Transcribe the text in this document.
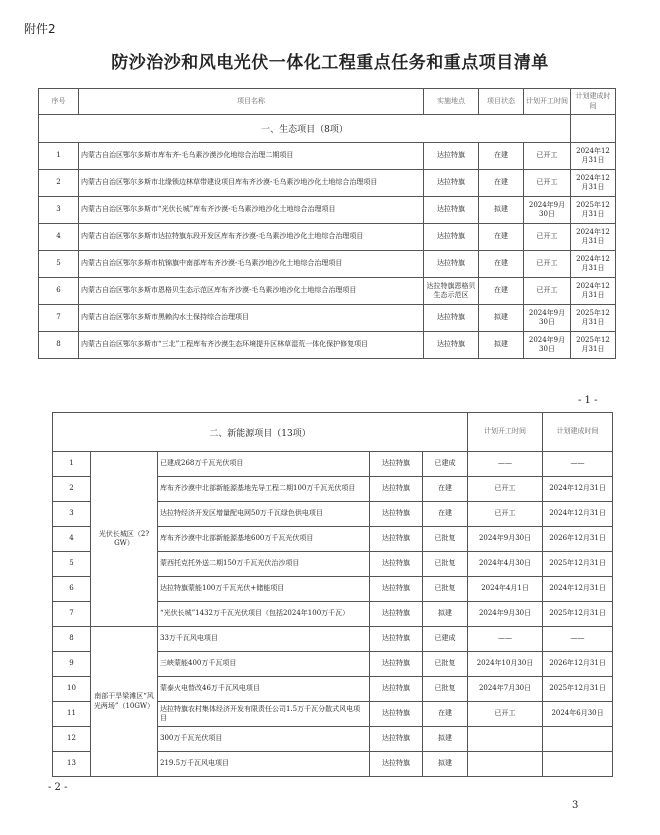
附件2
防沙治沙和风电光伏一体化工程重点任务和重点项目清单
序号	项目名称	实施地点	项目状态	计划开工时间	计划建成时间
一、生态项目（8项）					
1	内蒙古自治区鄂尔多斯市库布齐-毛乌素沙漠沙化地综合治理二期项目	达拉特旗	在建	已开工	2024年12月31日
2	内蒙古自治区鄂尔多斯市北缘锁边林草带建设项目库布齐沙漠-毛乌素沙地沙化土地综合治理项目	达拉特旗	在建	已开工	2024年12月31日
3	内蒙古自治区鄂尔多斯市“光伏长城”库布齐沙漠-毛乌素沙地沙化土地综合治理项目	达拉特旗	拟建	2024年9月30日	2025年12月31日
4	内蒙古自治区鄂尔多斯市达拉特旗东段开发区库布齐沙漠-毛乌素沙地沙化土地综合治理项目	达拉特旗	在建	已开工	2024年12月31日
5	内蒙古自治区鄂尔多斯市杭锦旗中南部库布齐沙漠-毛乌素沙地沙化土地综合治理项目	达拉特旗	在建	已开工	2024年12月31日
6	内蒙古自治区鄂尔多斯市恩格贝生态示范区库布齐沙漠-毛乌素沙地沙化土地综合治理项目	达拉特旗恩格贝生态示范区	在建	已开工	2024年12月31日
7	内蒙古自治区鄂尔多斯市黑赖沟水土保持综合治理项目	达拉特旗	拟建	2024年9月30日	2025年12月31日
8	内蒙古自治区鄂尔多斯市“三北”工程库布齐沙漠生态环境提升区林草湿荒一体化保护修复项目	达拉特旗	拟建	2024年9月30日	2025年12月31日
- 1 -
二、新能源项目（13项）					计划开工时间	计划建成时间
1	光伏长城区（2?GW）	已建成268万千瓦光伏项目	达拉特旗	已建成	——	——
2		库布齐沙漠中北部新能源基地先导工程二期100万千瓦光伏项目	达拉特旗	在建	已开工	2024年12月31日
3		达拉特经济开发区增量配电网50万千瓦绿色供电项目	达拉特旗	在建	已开工	2024年12月31日
4		库布齐沙漠中北部新能源基地600万千瓦光伏项目	达拉特旗	已批复	2024年9月30日	2026年12月31日
5		蒙西托克托外送二期150万千瓦光伏治沙项目	达拉特旗	已批复	2024年4月30日	2025年12月31日
6		达拉特旗蒙能100万千瓦光伏+储能项目	达拉特旗	已批复	2024年4月1日	2024年12月31日
7		“光伏长城”1432万千瓦光伏项目（包括2024年100万千瓦）	达拉特旗	拟建	2024年9月30日	2025年12月31日
8	南部干旱梁滩区“风光两场”（10GW）	33万千瓦风电项目	达拉特旗	已建成	——	——
9		三峡蒙能400万千瓦项目	达拉特旗	已批复	2024年10月30日	2026年12月31日
10		蒙泰火电替改46万千瓦风电项目	达拉特旗	已批复	2024年7月30日	2025年12月31日
11		达拉特旗农村集体经济开发有限责任公司1.5万千瓦分散式风电项目	达拉特旗	在建	已开工	2024年6月30日
12		300万千瓦光伏项目	达拉特旗	拟建		
13		219.5万千瓦风电项目	达拉特旗	拟建		
- 2 -
3
